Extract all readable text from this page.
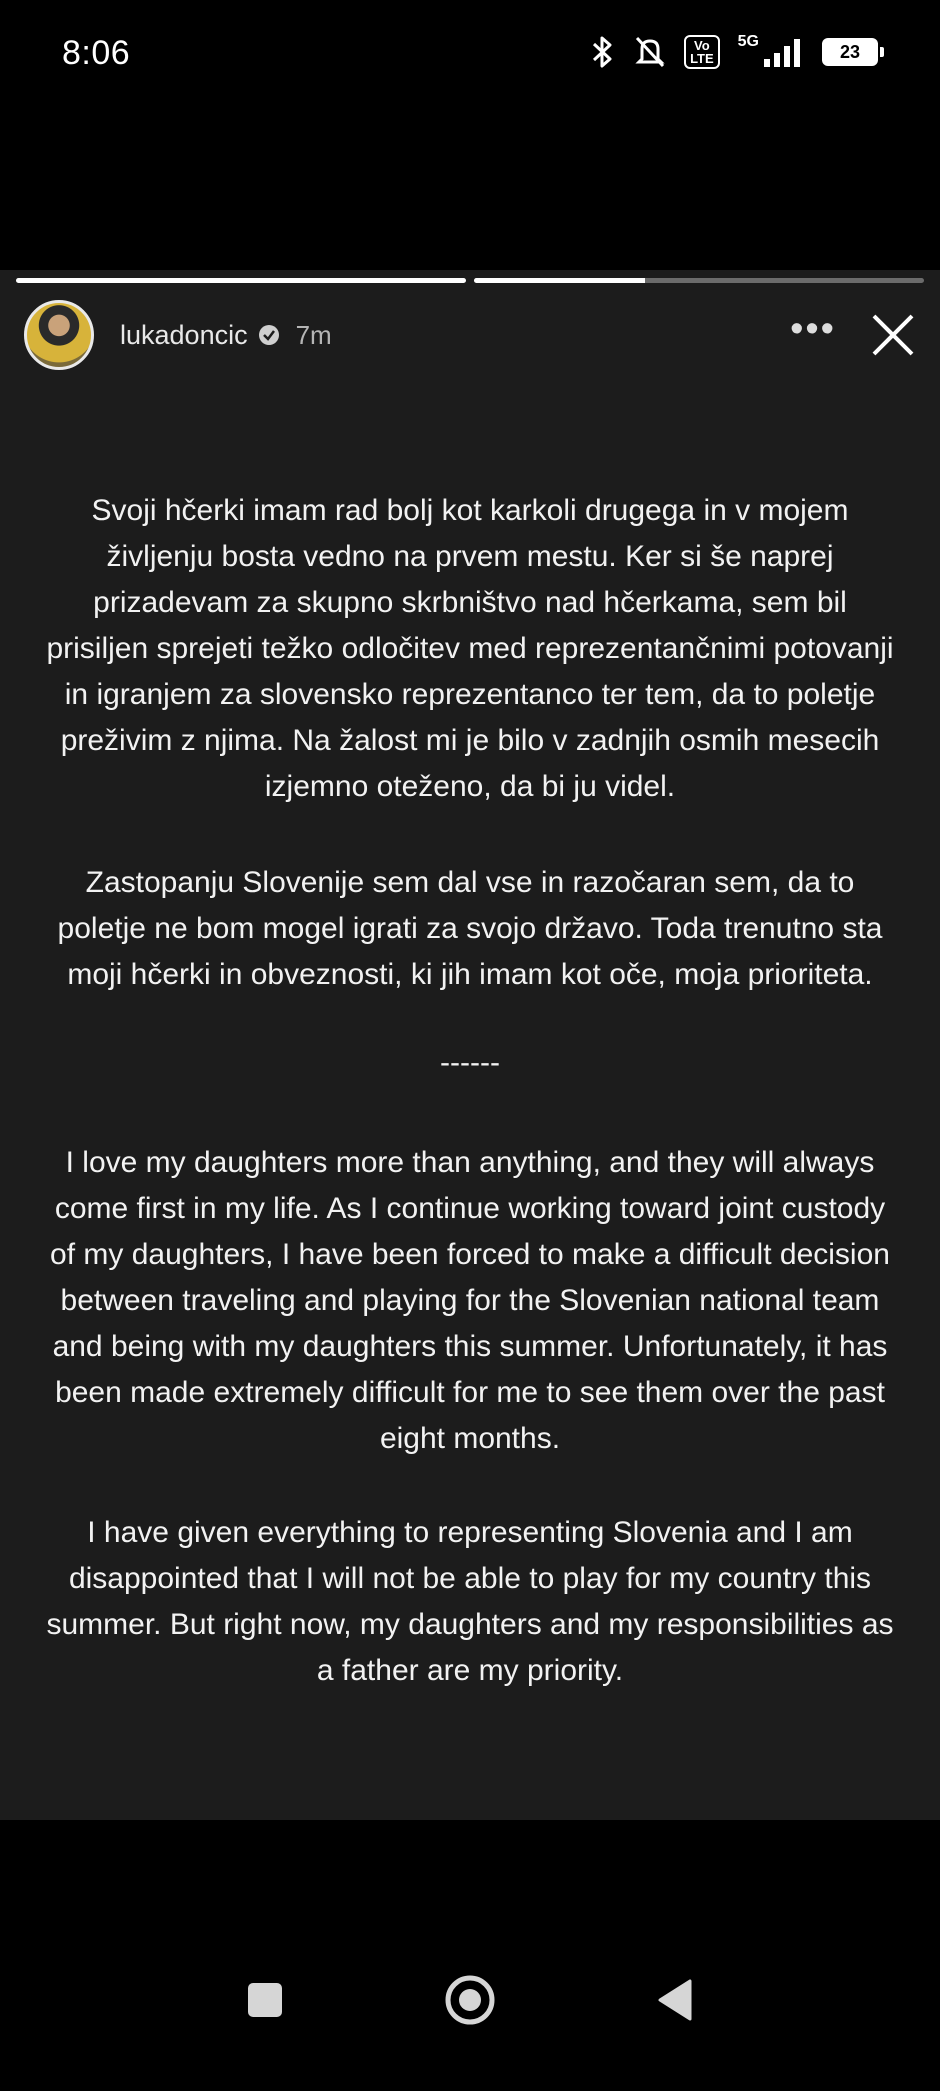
8:06	Vo
LTE
5G	23
lukadoncic 7m	•••
Svoji hčerki imam rad bolj kot karkoli drugega in v mojem življenju bosta vedno na prvem mestu. Ker si še naprej prizadevam za skupno skrbništvo nad hčerkama, sem bil prisiljen sprejeti težko odločitev med reprezentančnimi potovanji in igranjem za slovensko reprezentanco ter tem, da to poletje preživim z njima. Na žalost mi je bilo v zadnjih osmih mesecih izjemno oteženo, da bi ju videl.
Zastopanju Slovenije sem dal vse in razočaran sem, da to poletje ne bom mogel igrati za svojo državo. Toda trenutno sta moji hčerki in obveznosti, ki jih imam kot oče, moja prioriteta.
------
I love my daughters more than anything, and they will always come first in my life. As I continue working toward joint custody of my daughters, I have been forced to make a difficult decision between traveling and playing for the Slovenian national team and being with my daughters this summer. Unfortunately, it has been made extremely difficult for me to see them over the past eight months.
I have given everything to representing Slovenia and I am disappointed that I will not be able to play for my country this summer. But right now, my daughters and my responsibilities as a father are my priority.
